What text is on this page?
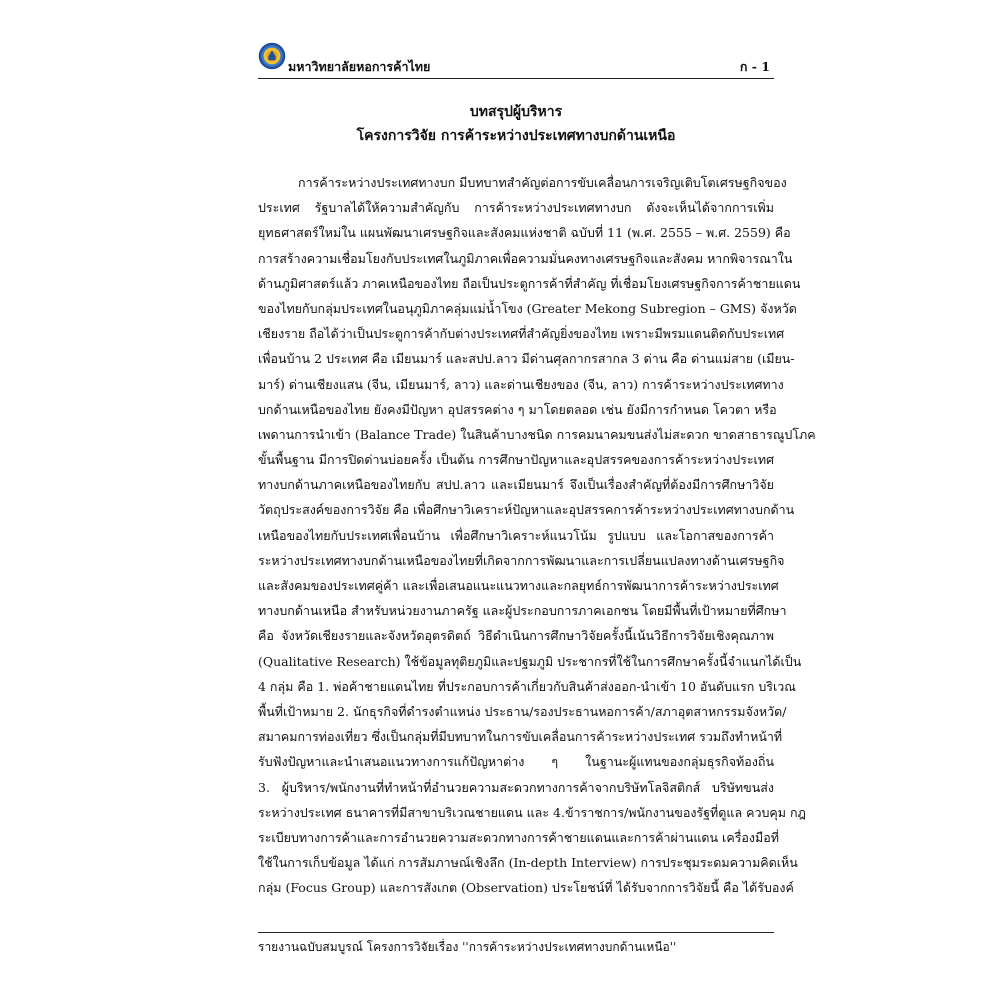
มหาวิทยาลัยหอการค้าไทย	ก - 1
บทสรุปผู้บริหาร
โครงการวิจัย การค้าระหว่างประเทศทางบกด้านเหนือ
การค้าระหว่างประเทศทางบก มีบทบาทสำคัญต่อการขับเคลื่อนการเจริญเติบโตเศรษฐกิจของ
ประเทศ รัฐบาลได้ให้ความสำคัญกับ การค้าระหว่างประเทศทางบก ดังจะเห็นได้จากการเพิ่ม
ยุทธศาสตร์ใหม่ใน แผนพัฒนาเศรษฐกิจและสังคมแห่งชาติ ฉบับที่ 11 (พ.ศ. 2555 – พ.ศ. 2559) คือ
การสร้างความเชื่อมโยงกับประเทศในภูมิภาคเพื่อความมั่นคงทางเศรษฐกิจและสังคม หากพิจารณาใน
ด้านภูมิศาสตร์แล้ว ภาคเหนือของไทย ถือเป็นประตูการค้าที่สำคัญ ที่เชื่อมโยงเศรษฐกิจการค้าชายแดน
ของไทยกับกลุ่มประเทศในอนุภูมิภาคลุ่มแม่น้ำโขง (Greater Mekong Subregion – GMS) จังหวัด
เชียงราย ถือได้ว่าเป็นประตูการค้ากับต่างประเทศที่สำคัญยิ่งของไทย เพราะมีพรมแดนติดกับประเทศ
เพื่อนบ้าน 2 ประเทศ คือ เมียนมาร์ และสปป.ลาว มีด่านศุลกากรสากล 3 ด่าน คือ ด่านแม่สาย (เมียน-
มาร์) ด่านเชียงแสน (จีน, เมียนมาร์, ลาว) และด่านเชียงของ (จีน, ลาว) การค้าระหว่างประเทศทาง
บกด้านเหนือของไทย ยังคงมีปัญหา อุปสรรคต่าง ๆ มาโดยตลอด เช่น ยังมีการกำหนด โควตา หรือ
เพดานการนำเข้า (Balance Trade) ในสินค้าบางชนิด การคมนาคมขนส่งไม่สะดวก ขาดสาธารณูปโภค
ขั้นพื้นฐาน มีการปิดด่านบ่อยครั้ง เป็นต้น การศึกษาปัญหาและอุปสรรคของการค้าระหว่างประเทศ
ทางบกด้านภาคเหนือของไทยกับ สปป.ลาว และเมียนมาร์ จึงเป็นเรื่องสำคัญที่ต้องมีการศึกษาวิจัย
วัตถุประสงค์ของการวิจัย คือ เพื่อศึกษาวิเคราะห์ปัญหาและอุปสรรคการค้าระหว่างประเทศทางบกด้าน
เหนือของไทยกับประเทศเพื่อนบ้าน เพื่อศึกษาวิเคราะห์แนวโน้ม รูปแบบ และโอกาสของการค้า
ระหว่างประเทศทางบกด้านเหนือของไทยที่เกิดจากการพัฒนาและการเปลี่ยนแปลงทางด้านเศรษฐกิจ
และสังคมของประเทศคู่ค้า และเพื่อเสนอแนะแนวทางและกลยุทธ์การพัฒนาการค้าระหว่างประเทศ
ทางบกด้านเหนือ สำหรับหน่วยงานภาครัฐ และผู้ประกอบการภาคเอกชน โดยมีพื้นที่เป้าหมายที่ศึกษา
คือ จังหวัดเชียงรายและจังหวัดอุตรดิตถ์ วิธีดำเนินการศึกษาวิจัยครั้งนี้เน้นวิธีการวิจัยเชิงคุณภาพ
(Qualitative Research) ใช้ข้อมูลทุติยภูมิและปฐมภูมิ ประชากรที่ใช้ในการศึกษาครั้งนี้จำแนกได้เป็น
4 กลุ่ม คือ 1. พ่อค้าชายแดนไทย ที่ประกอบการค้าเกี่ยวกับสินค้าส่งออก-นำเข้า 10 อันดับแรก บริเวณ
พื้นที่เป้าหมาย 2. นักธุรกิจที่ดำรงตำแหน่ง ประธาน/รองประธานหอการค้า/สภาอุตสาหกรรมจังหวัด/
สมาคมการท่องเที่ยว ซึ่งเป็นกลุ่มที่มีบทบาทในการขับเคลื่อนการค้าระหว่างประเทศ รวมถึงทำหน้าที่
รับฟังปัญหาและนำเสนอแนวทางการแก้ปัญหาต่าง ๆ ในฐานะผู้แทนของกลุ่มธุรกิจท้องถิ่น
3. ผู้บริหาร/พนักงานที่ทำหน้าที่อำนวยความสะดวกทางการค้าจากบริษัทโลจิสติกส์ บริษัทขนส่ง
ระหว่างประเทศ ธนาคารที่มีสาขาบริเวณชายแดน และ 4.ข้าราชการ/พนักงานของรัฐที่ดูแล ควบคุม กฎ
ระเบียบทางการค้าและการอำนวยความสะดวกทางการค้าชายแดนและการค้าผ่านแดน เครื่องมือที่
ใช้ในการเก็บข้อมูล ได้แก่ การสัมภาษณ์เชิงลึก (In-depth Interview) การประชุมระดมความคิดเห็น
กลุ่ม (Focus Group) และการสังเกต (Observation) ประโยชน์ที่ ได้รับจากการวิจัยนี้ คือ ได้รับองค์
รายงานฉบับสมบูรณ์ โครงการวิจัยเรื่อง ''การค้าระหว่างประเทศทางบกด้านเหนือ''
